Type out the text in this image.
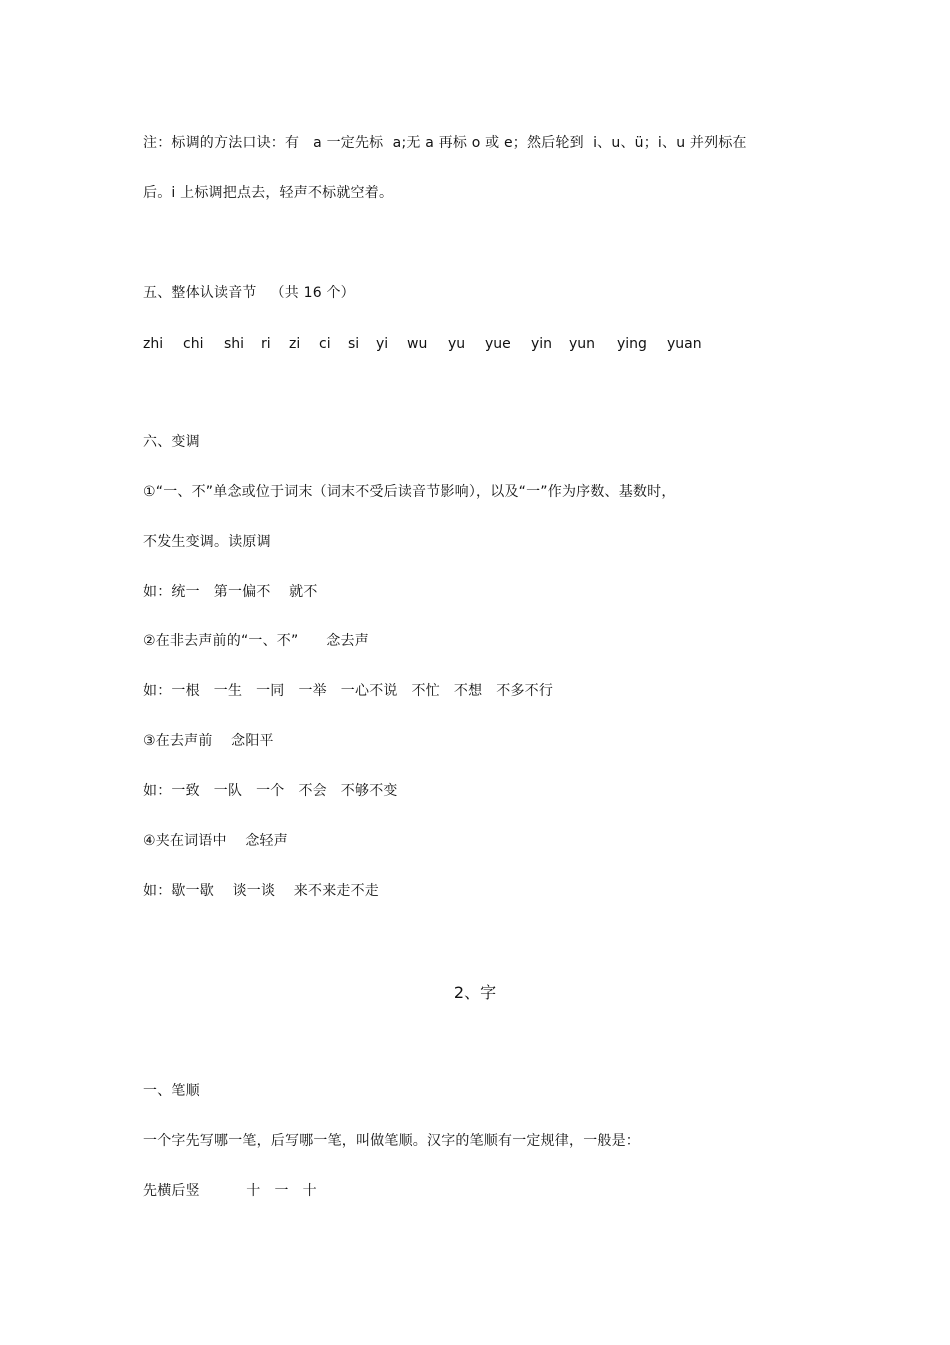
注：标调的方法口诀：有   a 一定先标  a;无 a 再标 o 或 e；然后轮到  i、u、ü；i、u 并列标在
后。i 上标调把点去，轻声不标就空着。
五、整体认读音节   （共 16 个）
zhi chi shi ri zi ci si yi wu yu yue yin yun ying yuan
六、变调
①“一、不”单念或位于词末（词末不受后读音节影响），以及“一”作为序数、基数时，
不发生变调。读原调
如：统一   第一偏不    就不
②在非去声前的“一、不”      念去声
如：一根   一生   一同   一举   一心不说   不忙   不想   不多不行
③在去声前    念阳平
如：一致   一队   一个   不会   不够不变
④夹在词语中    念轻声
如：歇一歇    谈一谈    来不来走不走
2、字
一、笔顺
一个字先写哪一笔，后写哪一笔，叫做笔顺。汉字的笔顺有一定规律，一般是：
先横后竖          十   一   十
